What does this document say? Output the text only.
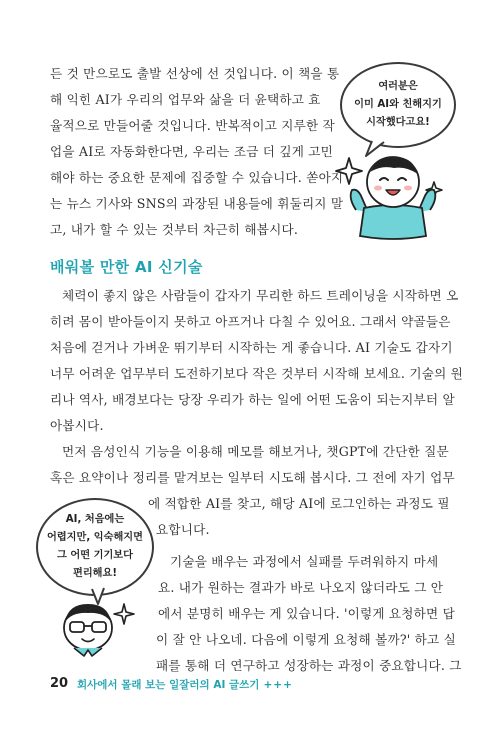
든 것 만으로도 출발 선상에 선 것입니다. 이 책을 통
해 익힌 AI가 우리의 업무와 삶을 더 윤택하고 효
율적으로 만들어줄 것입니다. 반복적이고 지루한 작
업을 AI로 자동화한다면, 우리는 조금 더 깊게 고민
해야 하는 중요한 문제에 집중할 수 있습니다. 쏟아지
는 뉴스 기사와 SNS의 과장된 내용들에 휘둘리지 말
고, 내가 할 수 있는 것부터 차근히 해봅시다.
여러분은
이미 AI와 친해지기
시작했다고요!
배워볼 만한 AI 신기술
체력이 좋지 않은 사람들이 갑자기 무리한 하드 트레이닝을 시작하면 오
히려 몸이 받아들이지 못하고 아프거나 다칠 수 있어요. 그래서 약골들은
처음에 걷거나 가벼운 뛰기부터 시작하는 게 좋습니다. AI 기술도 갑자기
너무 어려운 업무부터 도전하기보다 작은 것부터 시작해 보세요. 기술의 원
리나 역사, 배경보다는 당장 우리가 하는 일에 어떤 도움이 되는지부터 알
아봅시다.
먼저 음성인식 기능을 이용해 메모를 해보거나, 챗GPT에 간단한 질문
혹은 요약이나 정리를 맡겨보는 일부터 시도해 봅시다. 그 전에 자기 업무
에 적합한 AI를 찾고, 해당 AI에 로그인하는 과정도 필
요합니다.
기술을 배우는 과정에서 실패를 두려워하지 마세
요. 내가 원하는 결과가 바로 나오지 않더라도 그 안
에서 분명히 배우는 게 있습니다. '이렇게 요청하면 답
이 잘 안 나오네. 다음에 이렇게 요청해 볼까?' 하고 실
패를 통해 더 연구하고 성장하는 과정이 중요합니다. 그
AI, 처음에는
어렵지만, 익숙해지면
그 어떤 기기보다
편리해요!
20 회사에서 몰래 보는 일잘러의 AI 글쓰기 +++
